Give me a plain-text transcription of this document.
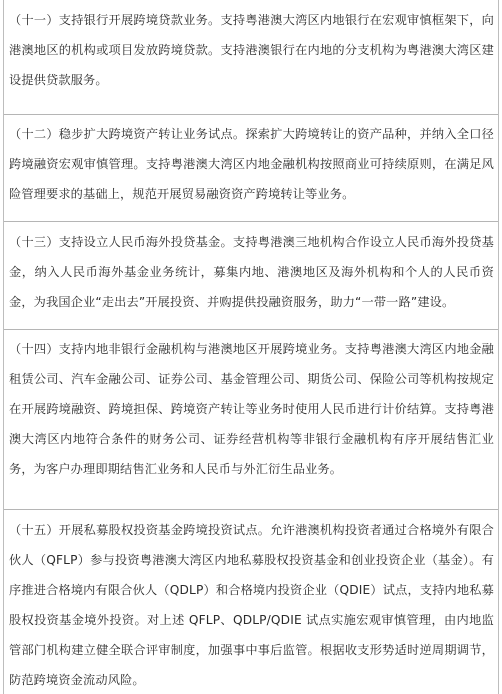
（十一）支持银行开展跨境贷款业务。支持粤港澳大湾区内地银行在宏观审慎框架下，向港澳地区的机构或项目发放跨境贷款。支持港澳银行在内地的分支机构为粤港澳大湾区建设提供贷款服务。

（十二）稳步扩大跨境资产转让业务试点。探索扩大跨境转让的资产品种，并纳入全口径跨境融资宏观审慎管理。支持粤港澳大湾区内地金融机构按照商业可持续原则，在满足风险管理要求的基础上，规范开展贸易融资资产跨境转让等业务。

（十三）支持设立人民币海外投贷基金。支持粤港澳三地机构合作设立人民币海外投贷基金，纳入人民币海外基金业务统计，募集内地、港澳地区及海外机构和个人的人民币资金，为我国企业“走出去”开展投资、并购提供投融资服务，助力“一带一路”建设。

（十四）支持内地非银行金融机构与港澳地区开展跨境业务。支持粤港澳大湾区内地金融租赁公司、汽车金融公司、证券公司、基金管理公司、期货公司、保险公司等机构按规定在开展跨境融资、跨境担保、跨境资产转让等业务时使用人民币进行计价结算。支持粤港澳大湾区内地符合条件的财务公司、证券经营机构等非银行金融机构有序开展结售汇业务，为客户办理即期结售汇业务和人民币与外汇衍生品业务。

（十五）开展私募股权投资基金跨境投资试点。允许港澳机构投资者通过合格境外有限合伙人（QFLP）参与投资粤港澳大湾区内地私募股权投资基金和创业投资企业（基金）。有序推进合格境内有限合伙人（QDLP）和合格境内投资企业（QDIE）试点，支持内地私募股权投资基金境外投资。对上述 QFLP、QDLP/QDIE 试点实施宏观审慎管理，由内地监管部门机构建立健全联合评审制度，加强事中事后监管。根据收支形势适时逆周期调节，防范跨境资金流动风险。
